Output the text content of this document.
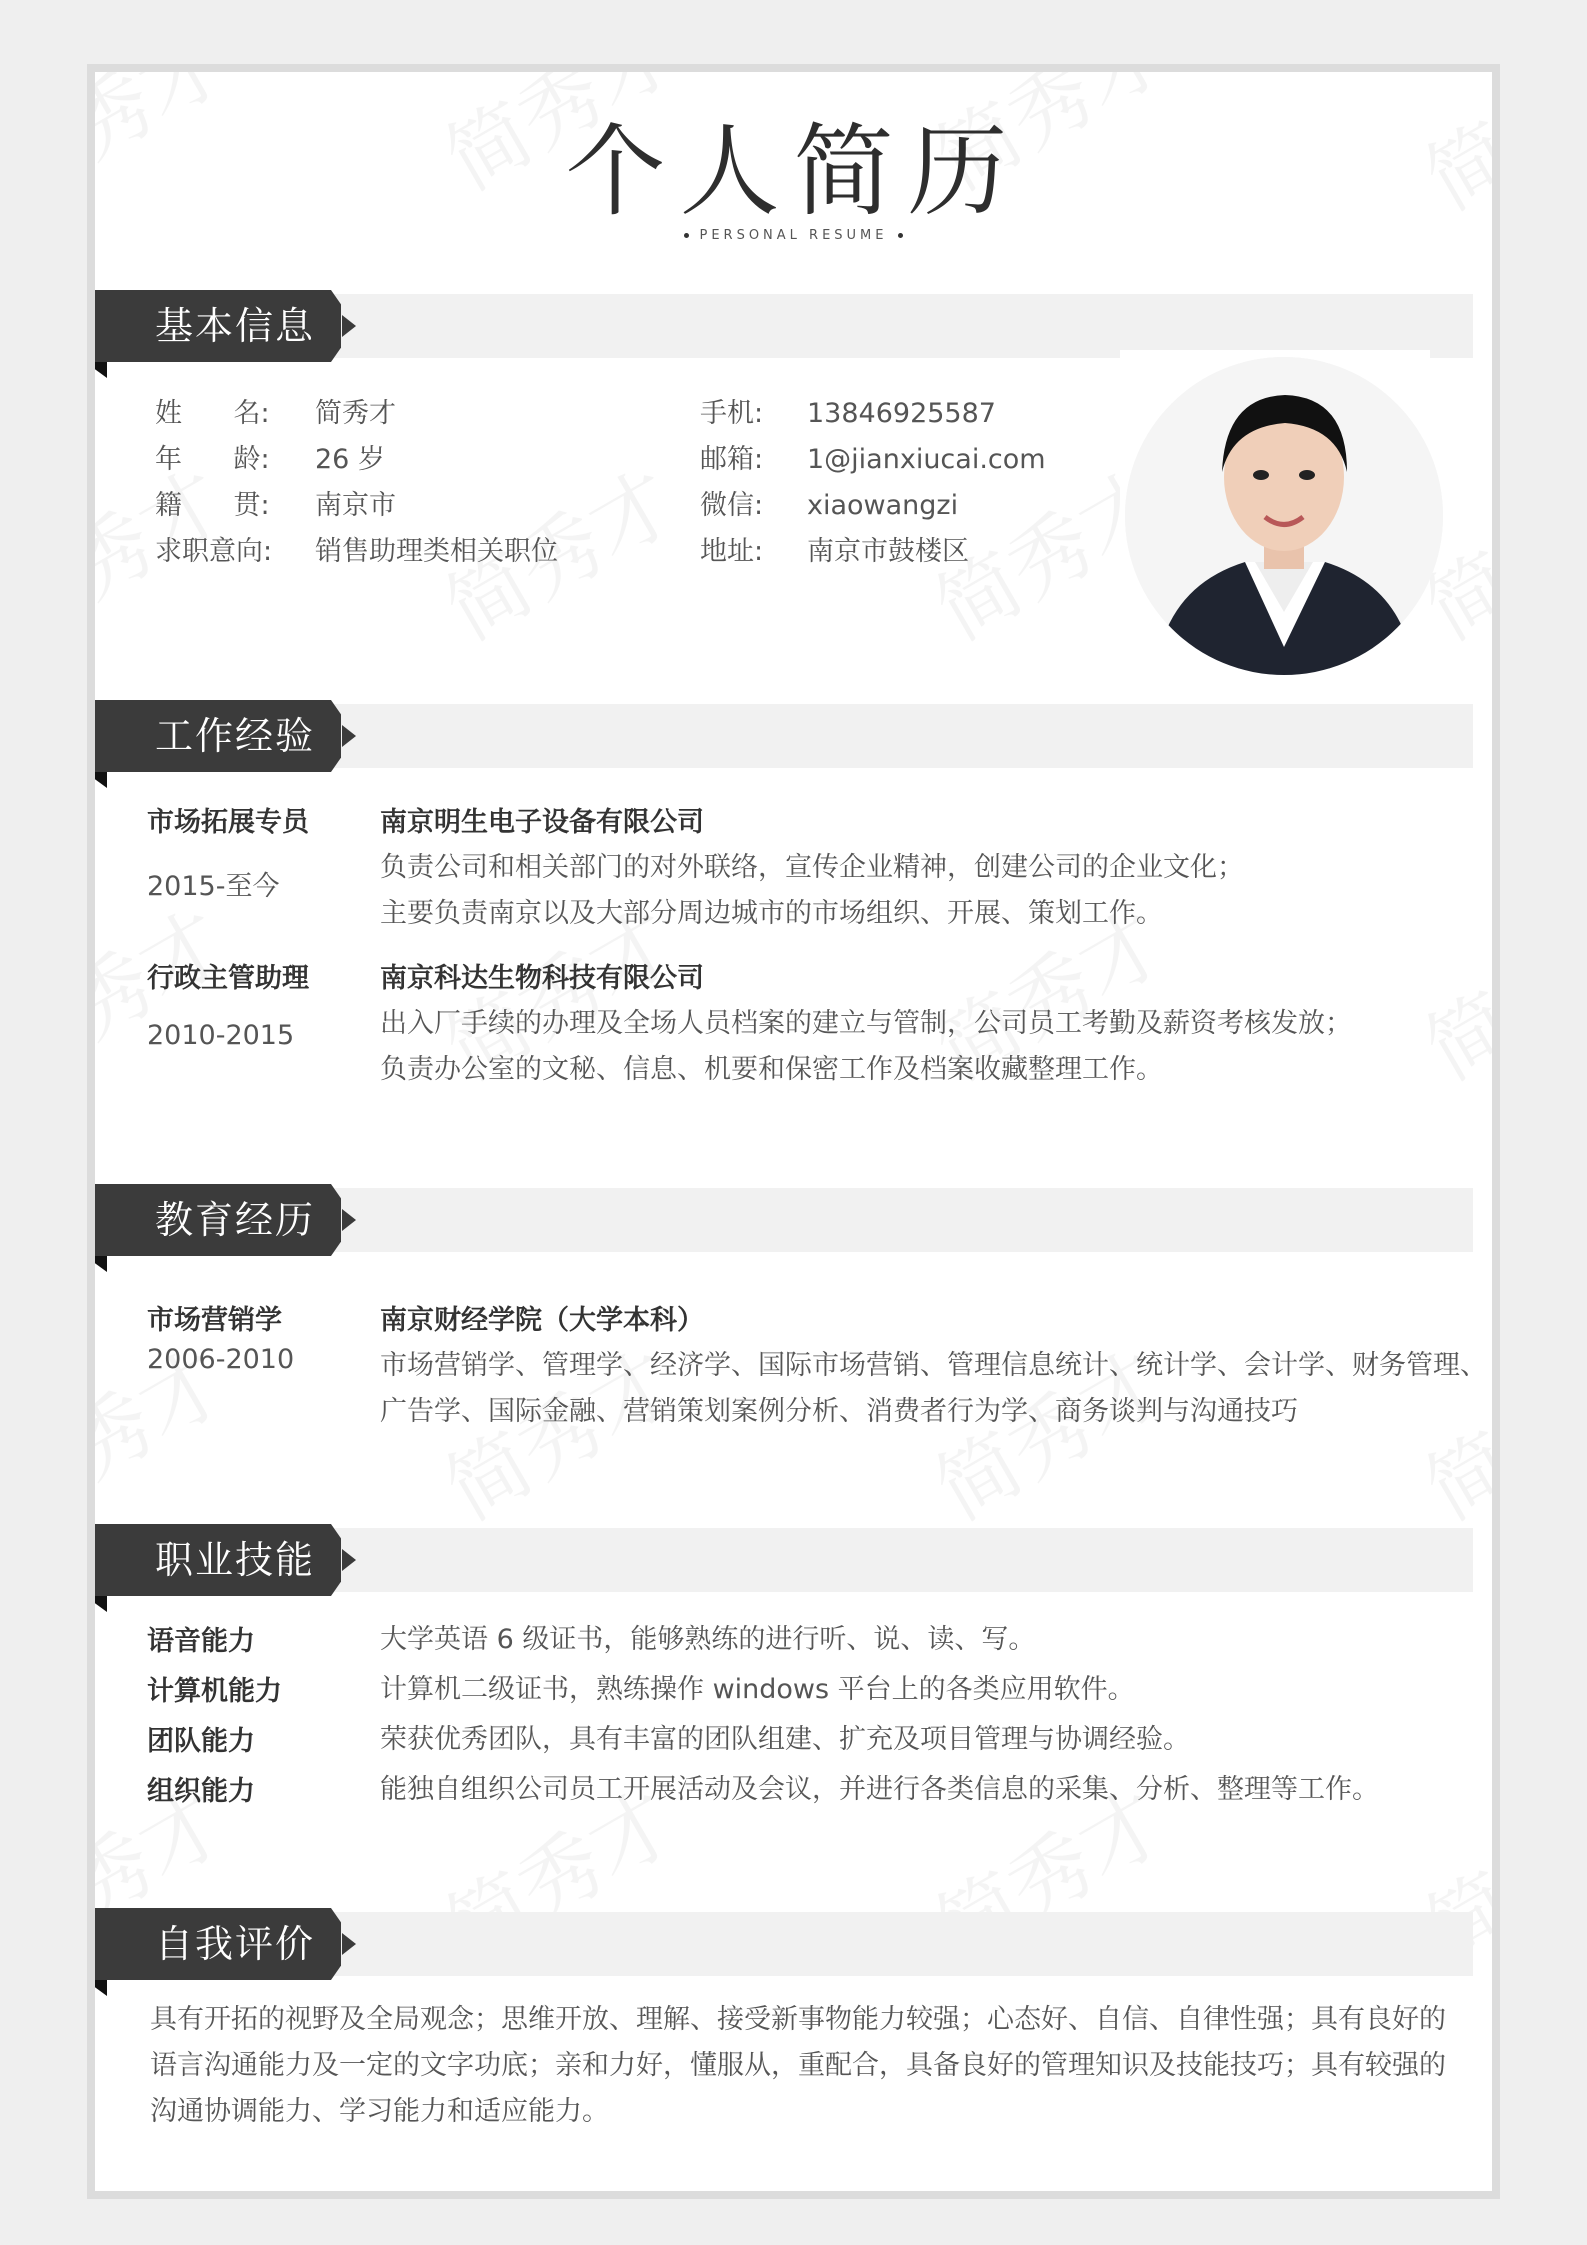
个人简历
PERSONAL RESUME
基本信息
姓      名: 简秀才
年      龄: 26 岁
籍      贯: 南京市
求职意向: 销售助理类相关职位
手机: 13846925587
邮箱: 1@jianxiucai.com
微信: xiaowangzi
地址: 南京市鼓楼区
工作经验
市场拓展专员
2015-至今
南京明生电子设备有限公司
负责公司和相关部门的对外联络，宣传企业精神，创建公司的企业文化；
主要负责南京以及大部分周边城市的市场组织、开展、策划工作。
行政主管助理
2010-2015
南京科达生物科技有限公司
出入厂手续的办理及全场人员档案的建立与管制，公司员工考勤及薪资考核发放；
负责办公室的文秘、信息、机要和保密工作及档案收藏整理工作。
教育经历
市场营销学
2006-2010
南京财经学院（大学本科）
市场营销学、管理学、经济学、国际市场营销、管理信息统计、统计学、会计学、财务管理、
广告学、国际金融、营销策划案例分析、消费者行为学、商务谈判与沟通技巧
职业技能
语音能力	大学英语 6 级证书，能够熟练的进行听、说、读、写。
计算机能力	计算机二级证书，熟练操作 windows 平台上的各类应用软件。
团队能力	荣获优秀团队，具有丰富的团队组建、扩充及项目管理与协调经验。
组织能力	能独自组织公司员工开展活动及会议，并进行各类信息的采集、分析、整理等工作。
自我评价
具有开拓的视野及全局观念；思维开放、理解、接受新事物能力较强；心态好、自信、自律性强；具有良好的语言沟通能力及一定的文字功底；亲和力好，懂服从，重配合，具备良好的管理知识及技能技巧；具有较强的沟通协调能力、学习能力和适应能力。
